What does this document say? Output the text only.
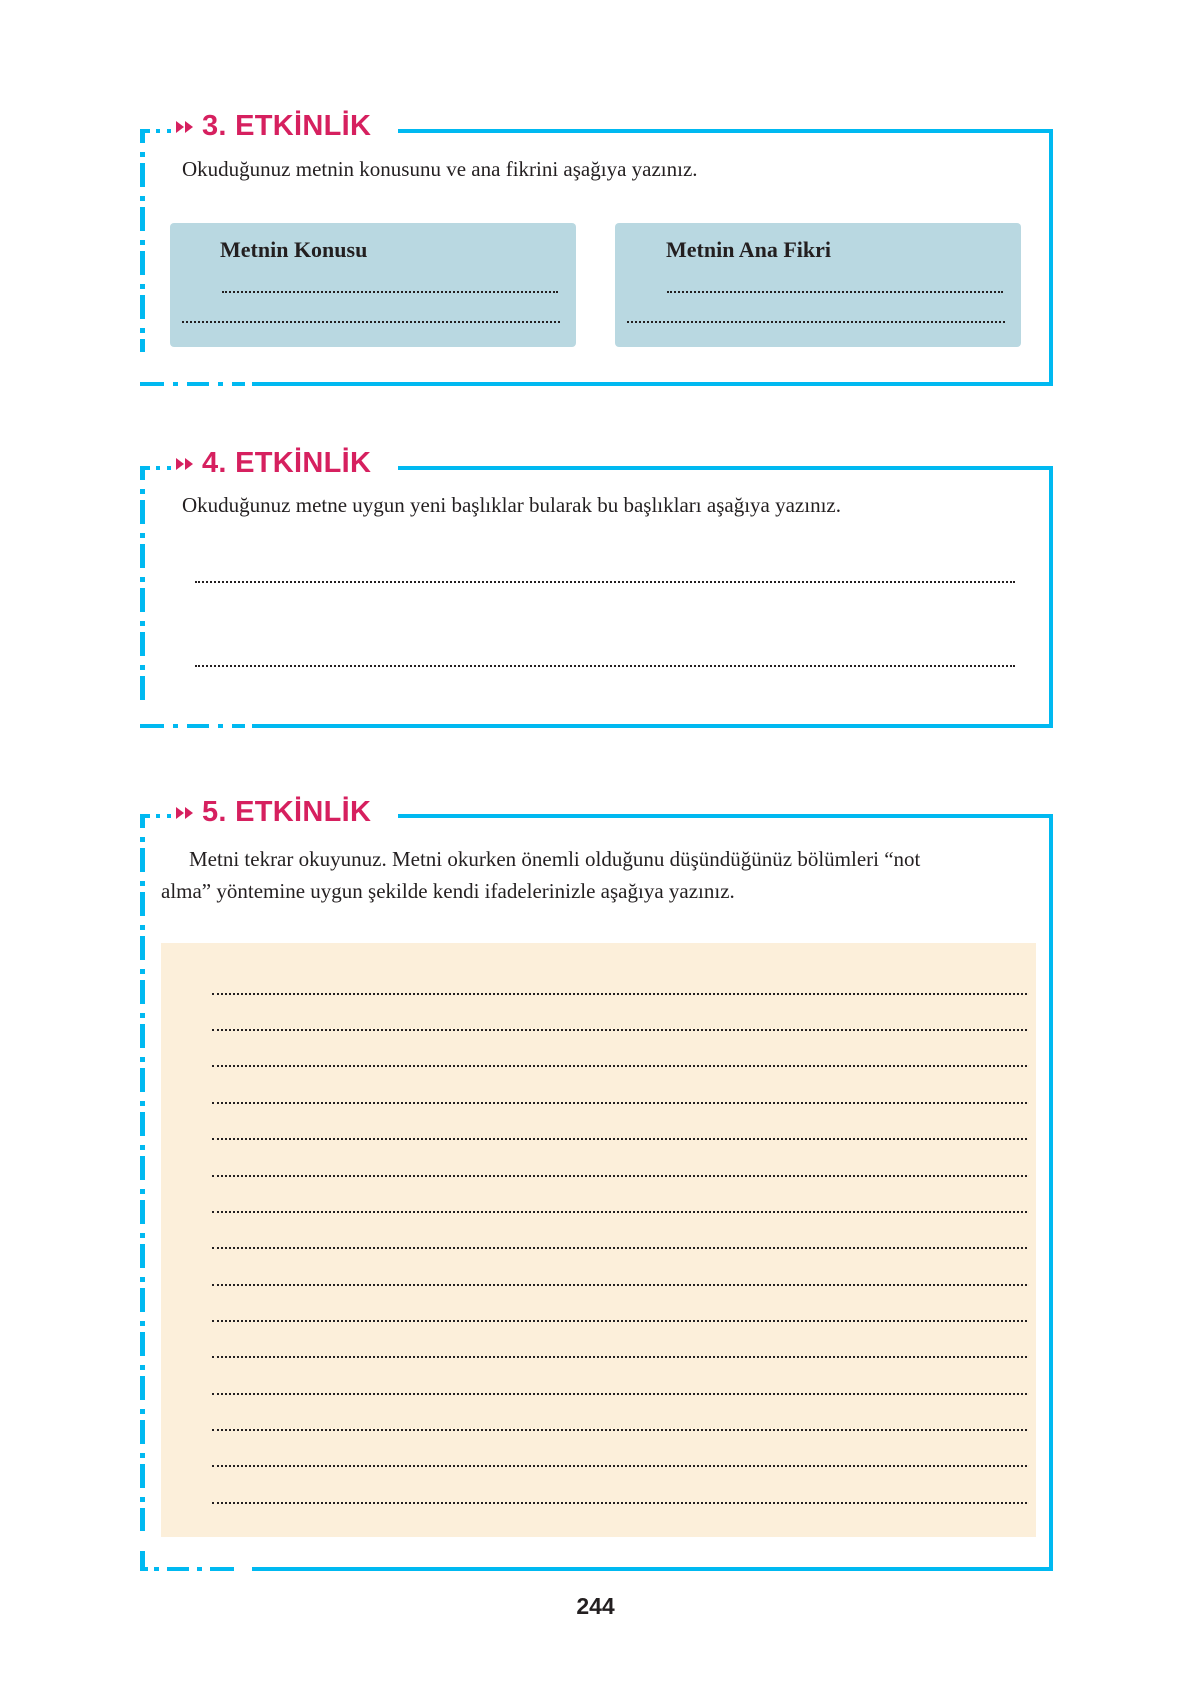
3. ETKİNLİK
Okuduğunuz metnin konusunu ve ana fikrini aşağıya yazınız.
Metnin Konusu	Metnin Ana Fikri
4. ETKİNLİK
Okuduğunuz metne uygun yeni başlıklar bularak bu başlıkları aşağıya yazınız.
5. ETKİNLİK
Metni tekrar okuyunuz. Metni okurken önemli olduğunu düşündüğünüz bölümleri “not
alma” yöntemine uygun şekilde kendi ifadelerinizle aşağıya yazınız.
244
